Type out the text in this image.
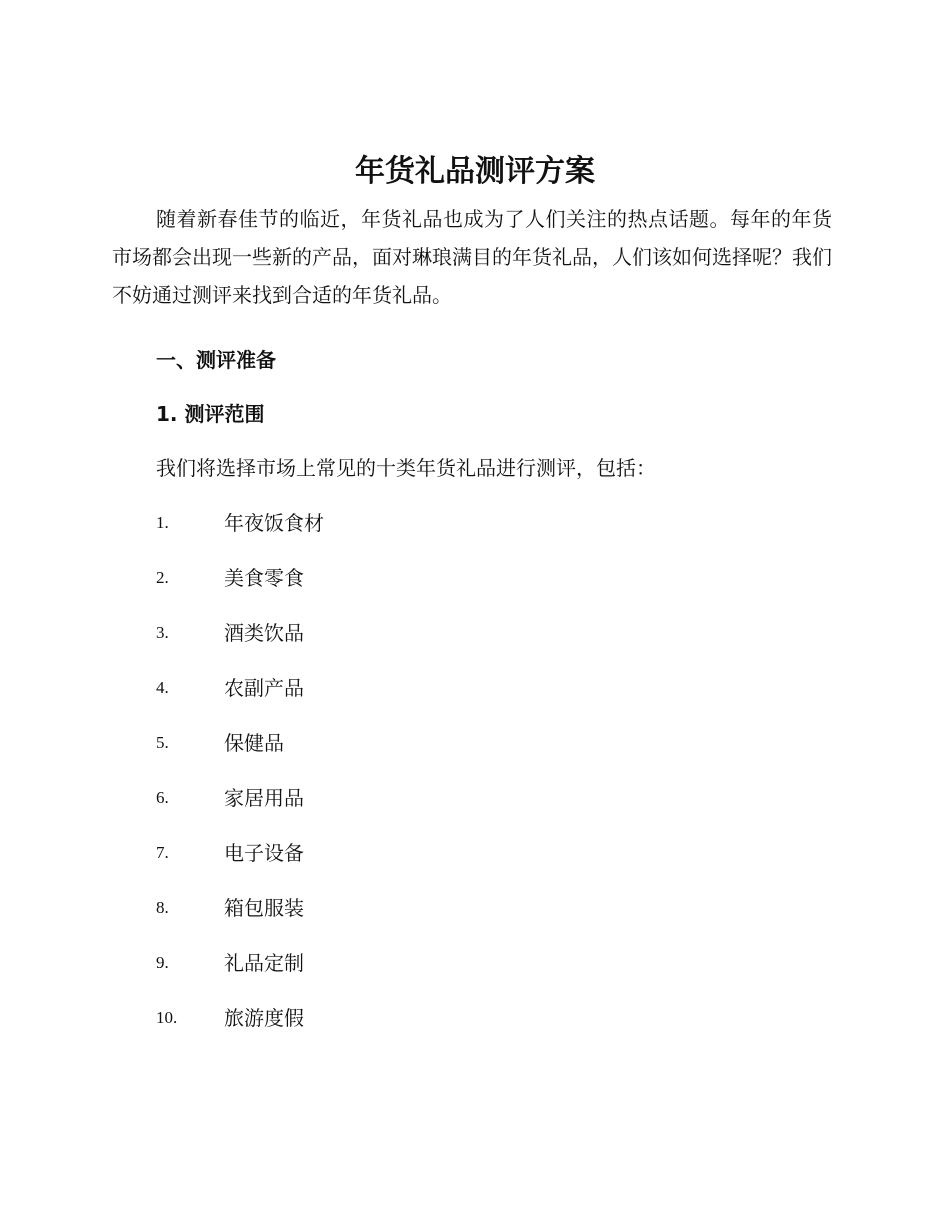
年货礼品测评方案

随着新春佳节的临近，年货礼品也成为了人们关注的热点话题。每年的年货市场都会出现一些新的产品，面对琳琅满目的年货礼品，人们该如何选择呢？我们不妨通过测评来找到合适的年货礼品。

一、测评准备
1. 测评范围

我们将选择市场上常见的十类年货礼品进行测评，包括：

1.	年夜饭食材
2.	美食零食
3.	酒类饮品
4.	农副产品
5.	保健品
6.	家居用品
7.	电子设备
8.	箱包服装
9.	礼品定制
10.	旅游度假
